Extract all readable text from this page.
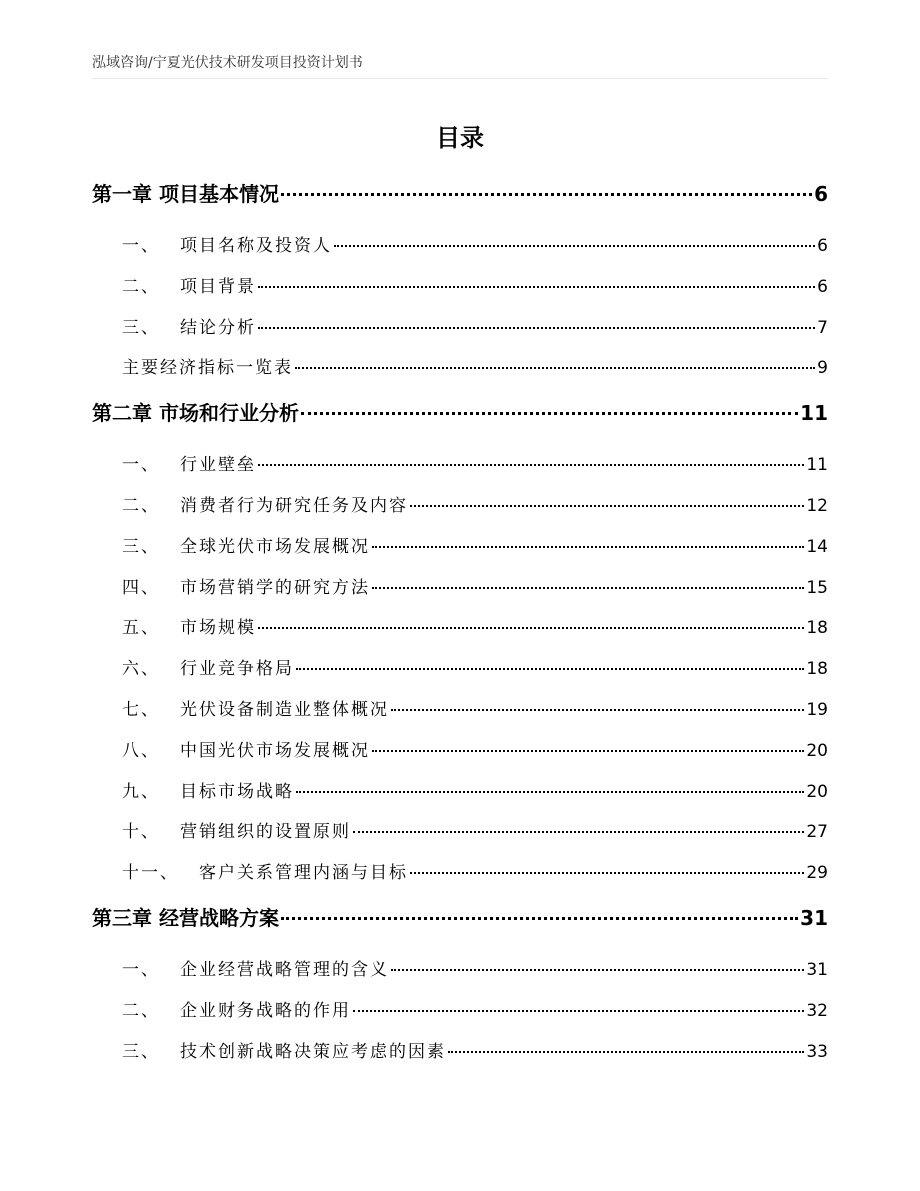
泓域咨询/宁夏光伏技术研发项目投资计划书
目录
第一章 项目基本情况	6
一、 项目名称及投资人	6
二、 项目背景	6
三、 结论分析	7
主要经济指标一览表	9
第二章 市场和行业分析	11
一、 行业壁垒	11
二、 消费者行为研究任务及内容	12
三、 全球光伏市场发展概况	14
四、 市场营销学的研究方法	15
五、 市场规模	18
六、 行业竞争格局	18
七、 光伏设备制造业整体概况	19
八、 中国光伏市场发展概况	20
九、 目标市场战略	20
十、 营销组织的设置原则	27
十一、 客户关系管理内涵与目标	29
第三章 经营战略方案	31
一、 企业经营战略管理的含义	31
二、 企业财务战略的作用	32
三、 技术创新战略决策应考虑的因素	33
